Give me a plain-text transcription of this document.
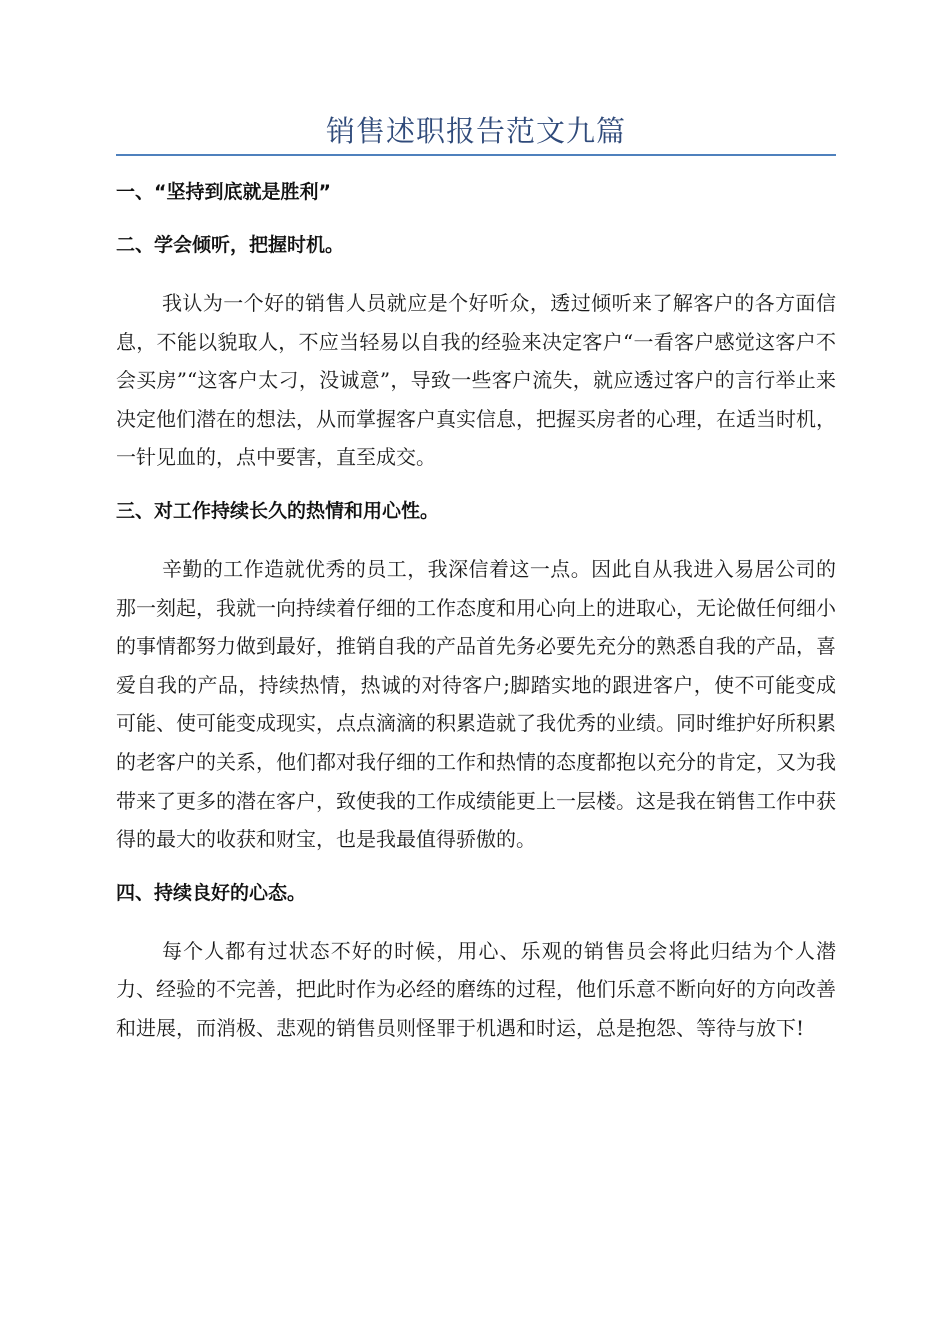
销售述职报告范文九篇

一、“坚持到底就是胜利”

二、学会倾听，把握时机。

我认为一个好的销售人员就应是个好听众，透过倾听来了解客户的各方面信息，不能以貌取人，不应当轻易以自我的经验来决定客户“一看客户感觉这客户不会买房”“这客户太刁，没诚意”，导致一些客户流失，就应透过客户的言行举止来决定他们潜在的想法，从而掌握客户真实信息，把握买房者的心理，在适当时机，一针见血的，点中要害，直至成交。

三、对工作持续长久的热情和用心性。

辛勤的工作造就优秀的员工，我深信着这一点。因此自从我进入易居公司的那一刻起，我就一向持续着仔细的工作态度和用心向上的进取心，无论做任何细小的事情都努力做到最好，推销自我的产品首先务必要先充分的熟悉自我的产品，喜爱自我的产品，持续热情，热诚的对待客户;脚踏实地的跟进客户，使不可能变成可能、使可能变成现实，点点滴滴的积累造就了我优秀的业绩。同时维护好所积累的老客户的关系，他们都对我仔细的工作和热情的态度都抱以充分的肯定，又为我带来了更多的潜在客户，致使我的工作成绩能更上一层楼。这是我在销售工作中获得的最大的收获和财宝，也是我最值得骄傲的。

四、持续良好的心态。

每个人都有过状态不好的时候，用心、乐观的销售员会将此归结为个人潜力、经验的不完善，把此时作为必经的磨练的过程，他们乐意不断向好的方向改善和进展，而消极、悲观的销售员则怪罪于机遇和时运，总是抱怨、等待与放下!
